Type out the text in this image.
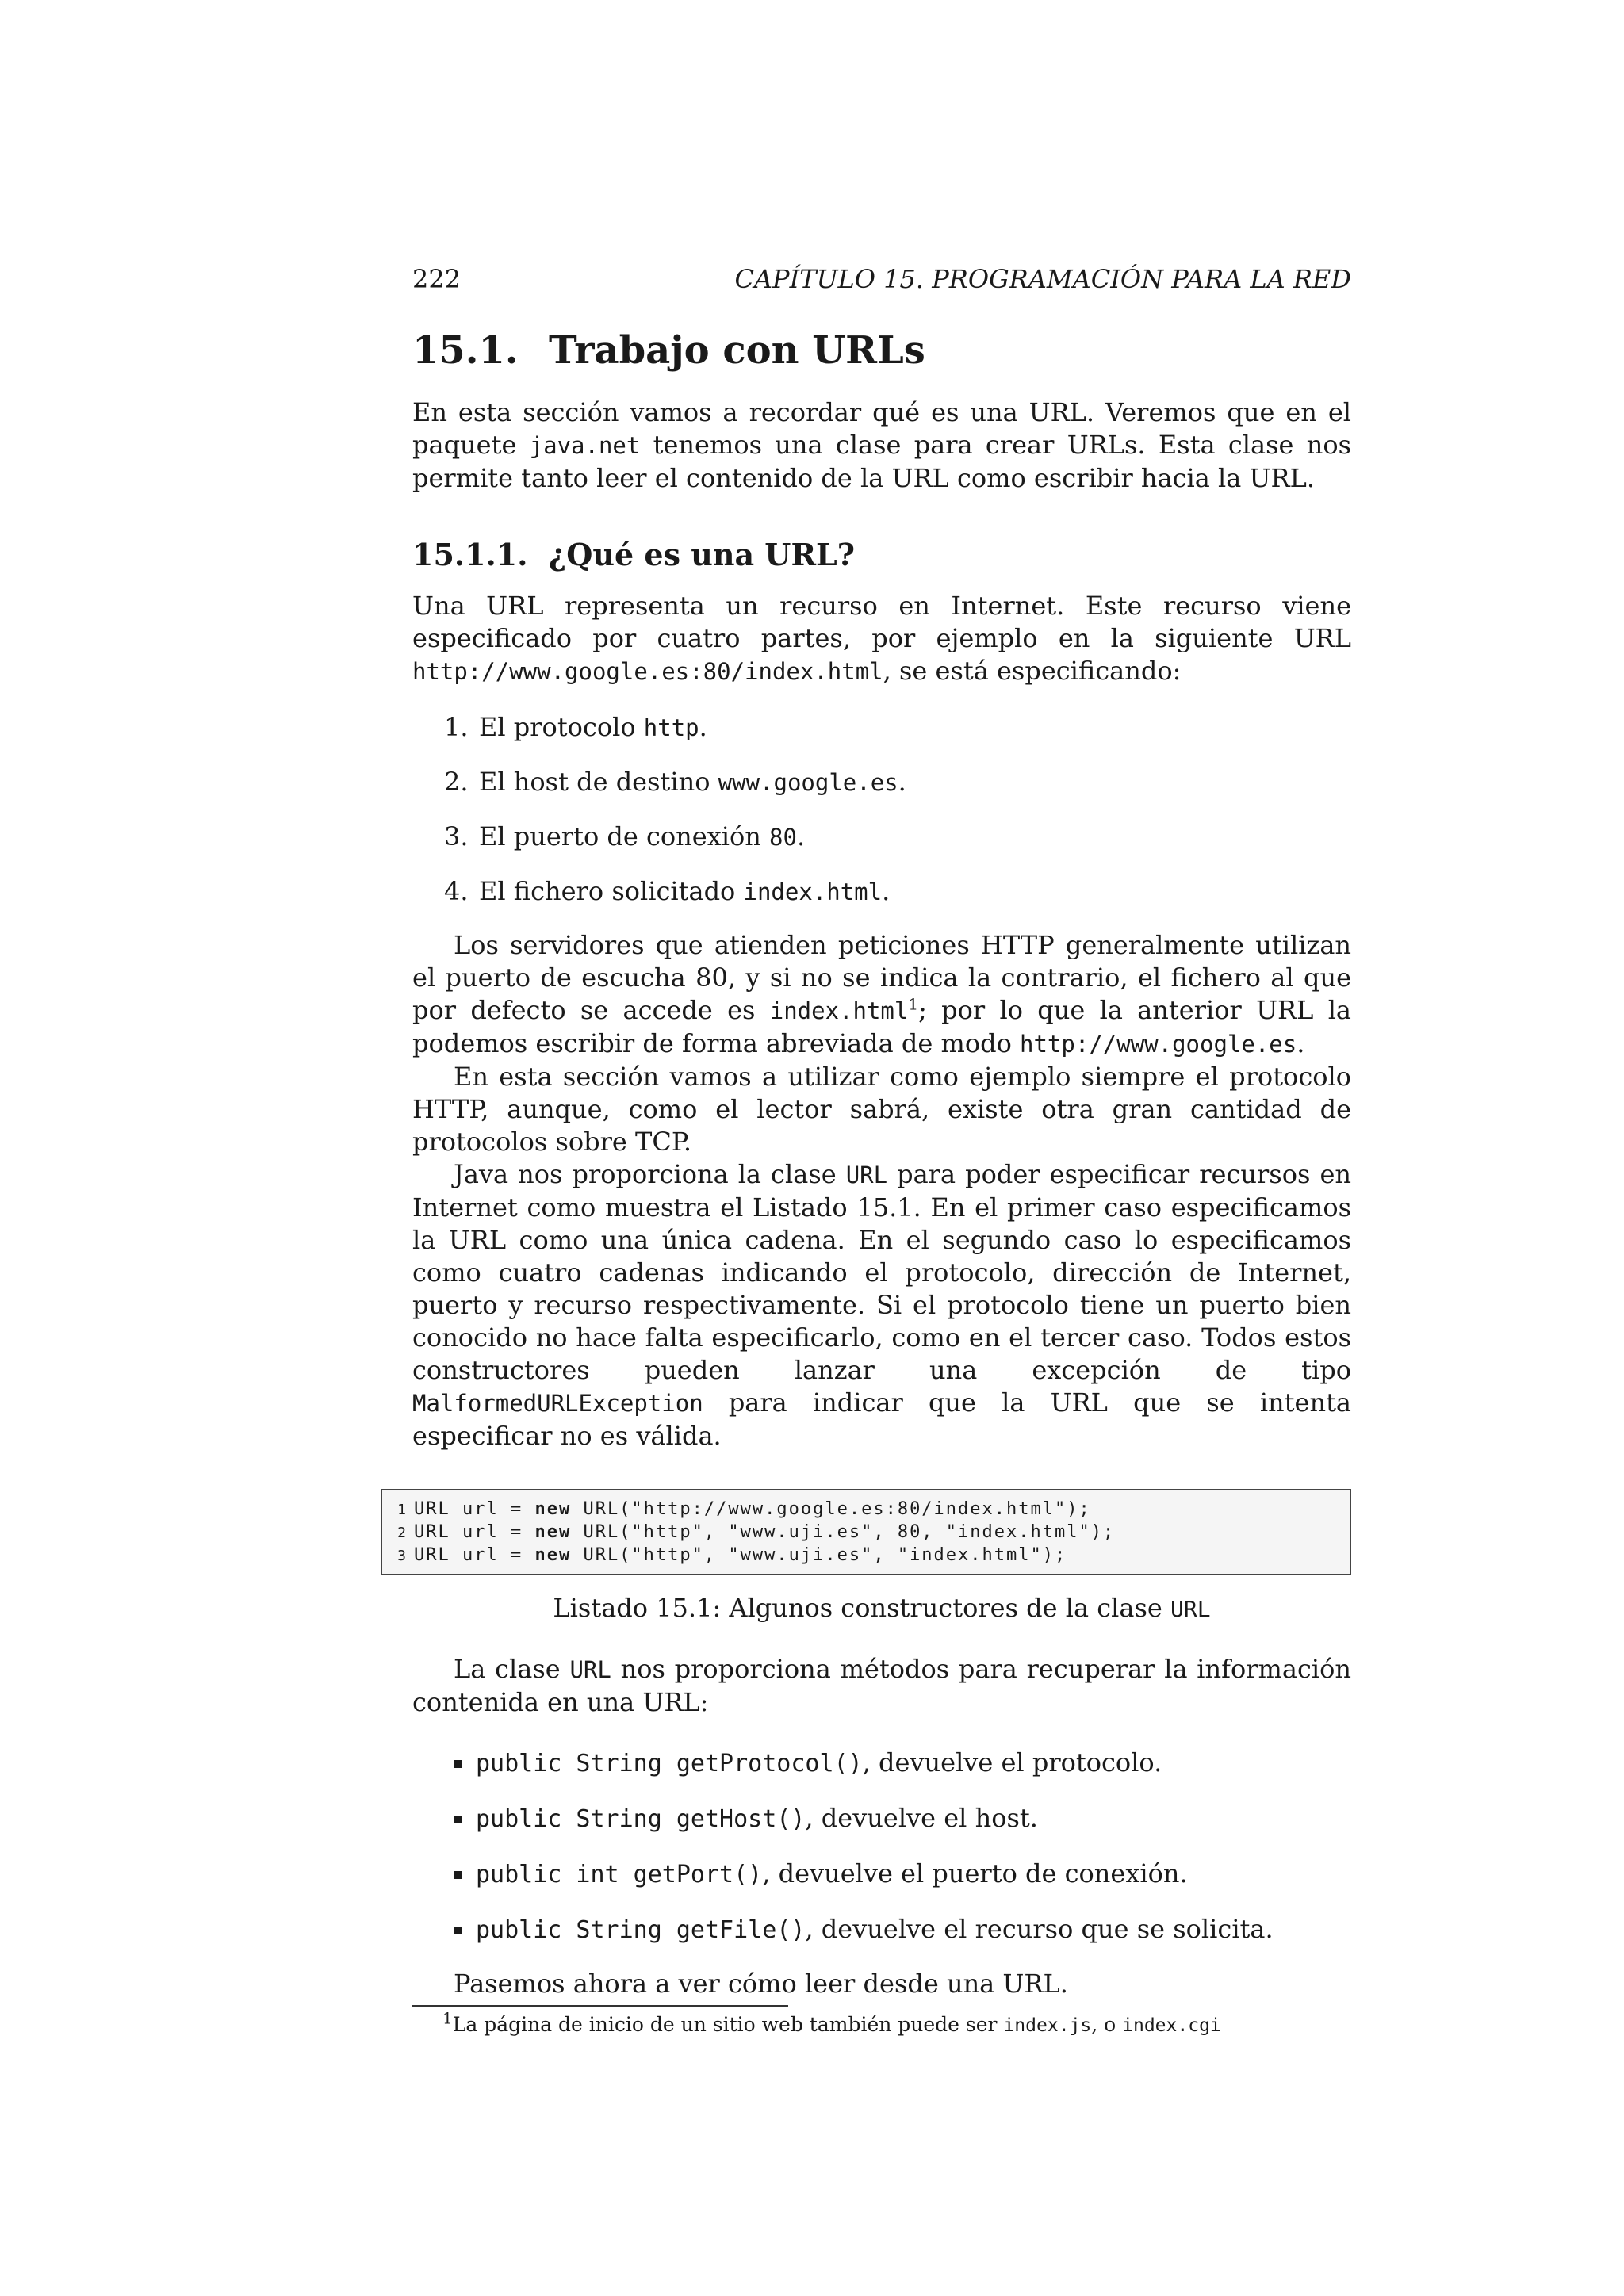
222	CAPÍTULO 15. PROGRAMACIÓN PARA LA RED
15.1. Trabajo con URLs

En esta sección vamos a recordar qué es una URL. Veremos que en el paquete java.net tenemos una clase para crear URLs. Esta clase nos permite tanto leer el contenido de la URL como escribir hacia la URL.

15.1.1. ¿Qué es una URL?

Una URL representa un recurso en Internet. Este recurso viene especificado por cuatro partes, por ejemplo en la siguiente URL http://www.google.es:80/index.html, se está especificando:

1. El protocolo http.
2. El host de destino www.google.es.
3. El puerto de conexión 80.
4. El fichero solicitado index.html.

Los servidores que atienden peticiones HTTP generalmente utilizan el puerto de escucha 80, y si no se indica la contrario, el fichero al que por defecto se accede es index.html$^1$; por lo que la anterior URL la podemos escribir de forma abreviada de modo http://www.google.es.

En esta sección vamos a utilizar como ejemplo siempre el protocolo HTTP, aunque, como el lector sabrá, existe otra gran cantidad de protocolos sobre TCP.

Java nos proporciona la clase URL para poder especificar recursos en Internet como muestra el Listado 15.1. En el primer caso especificamos la URL como una única cadena. En el segundo caso lo especificamos como cuatro cadenas indicando el protocolo, dirección de Internet, puerto y recurso respectivamente. Si el protocolo tiene un puerto bien conocido no hace falta especificarlo, como en el tercer caso. Todos estos constructores pueden lanzar una excepción de tipo MalformedURLException para indicar que la URL que se intenta especificar no es válida.

1 URL url = new URL("http://www.google.es:80/index.html");
2 URL url = new URL("http", "www.uji.es", 80, "index.html");
3 URL url = new URL("http", "www.uji.es", "index.html");
Listado 15.1: Algunos constructores de la clase URL

La clase URL nos proporciona métodos para recuperar la información contenida en una URL:

public String getProtocol(), devuelve el protocolo.
public String getHost(), devuelve el host.
public int getPort(), devuelve el puerto de conexión.
public String getFile(), devuelve el recurso que se solicita.

Pasemos ahora a ver cómo leer desde una URL.

$^1$La página de inicio de un sitio web también puede ser index.js, o index.cgi
